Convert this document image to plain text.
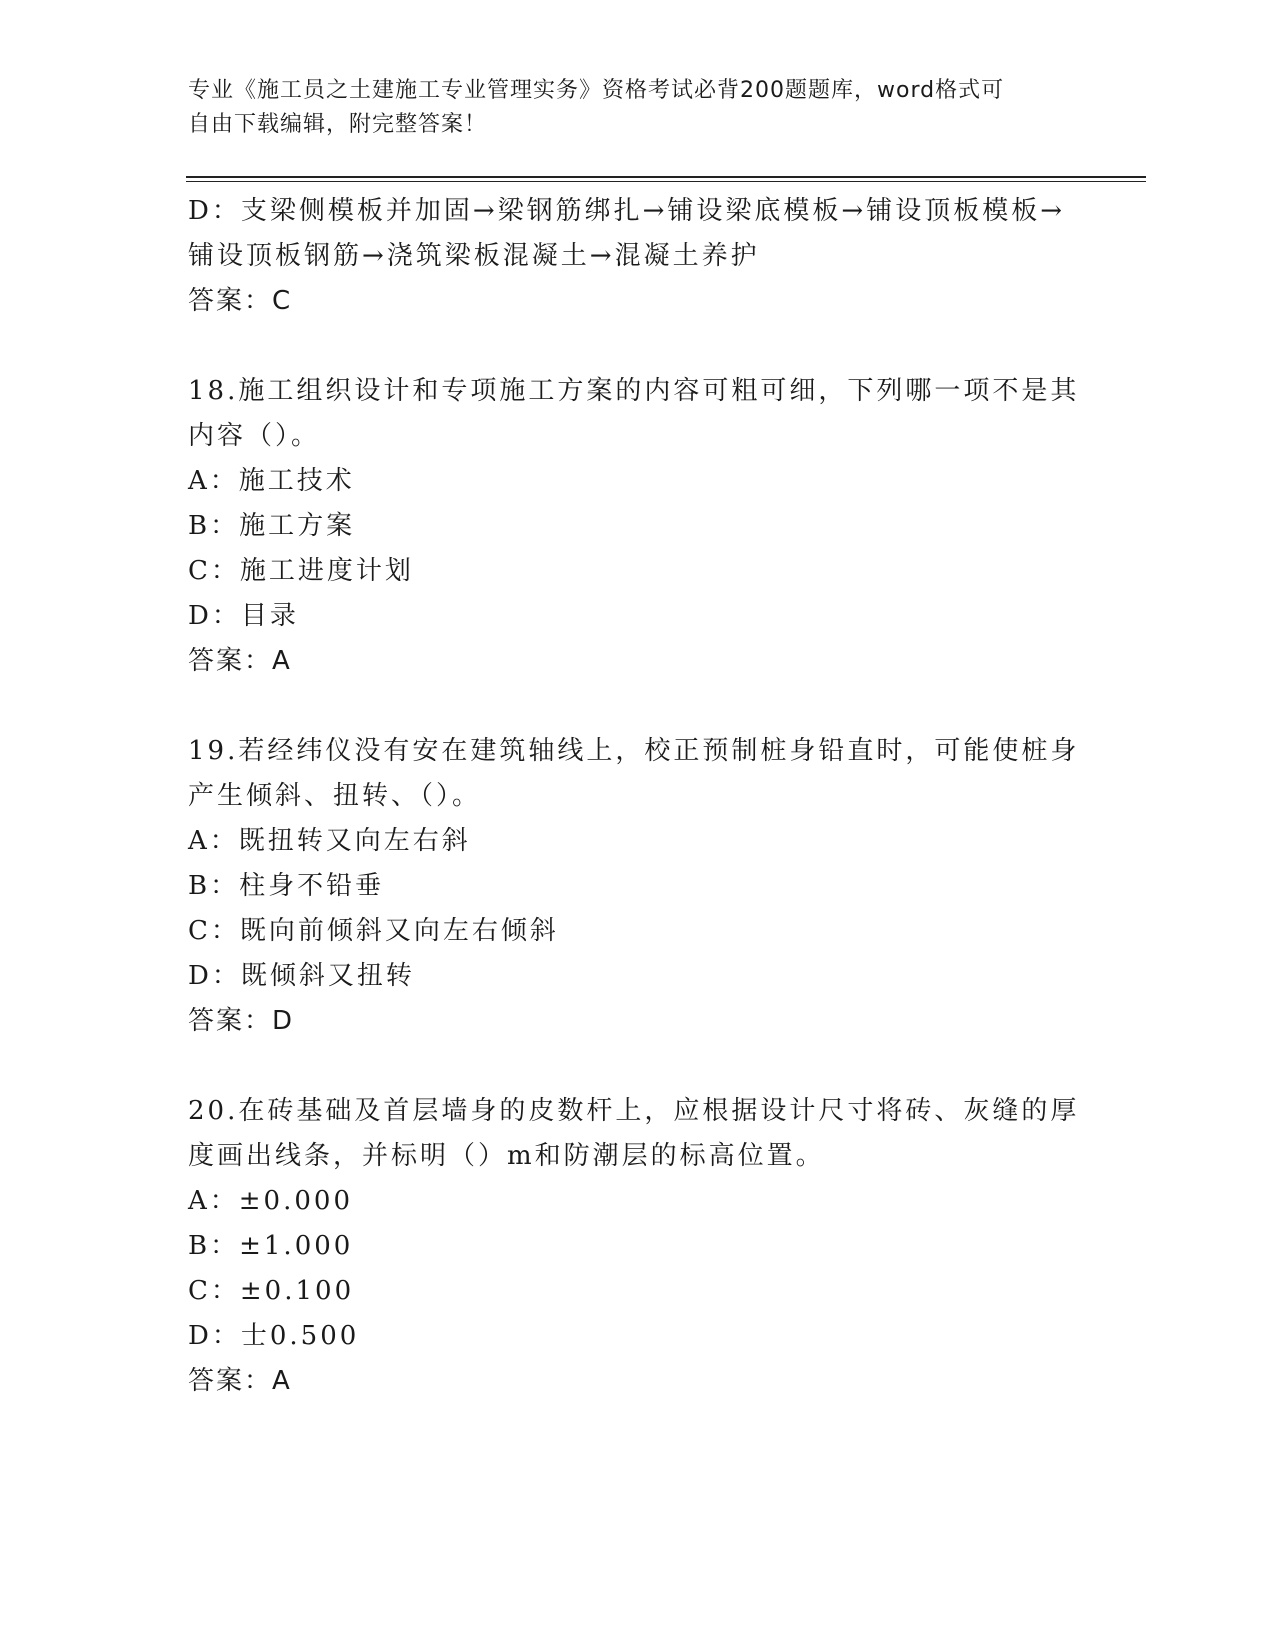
专业《施工员之土建施工专业管理实务》资格考试必背200题题库，word格式可
自由下载编辑，附完整答案！
D：支梁侧模板并加固→梁钢筋绑扎→铺设梁底模板→铺设顶板模板→
铺设顶板钢筋→浇筑梁板混凝土→混凝土养护
答案：C
18.施工组织设计和专项施工方案的内容可粗可细，下列哪一项不是其
内容（）。
A：施工技术
B：施工方案
C：施工进度计划
D：目录
答案：A
19.若经纬仪没有安在建筑轴线上，校正预制桩身铅直时，可能使桩身
产生倾斜、扭转、（）。
A：既扭转又向左右斜
B：柱身不铅垂
C：既向前倾斜又向左右倾斜
D：既倾斜又扭转
答案：D
20.在砖基础及首层墙身的皮数杆上，应根据设计尺寸将砖、灰缝的厚
度画出线条，并标明（）m和防潮层的标高位置。
A：±0.000
B：±1.000
C：±0.100
D：士0.500
答案：A
